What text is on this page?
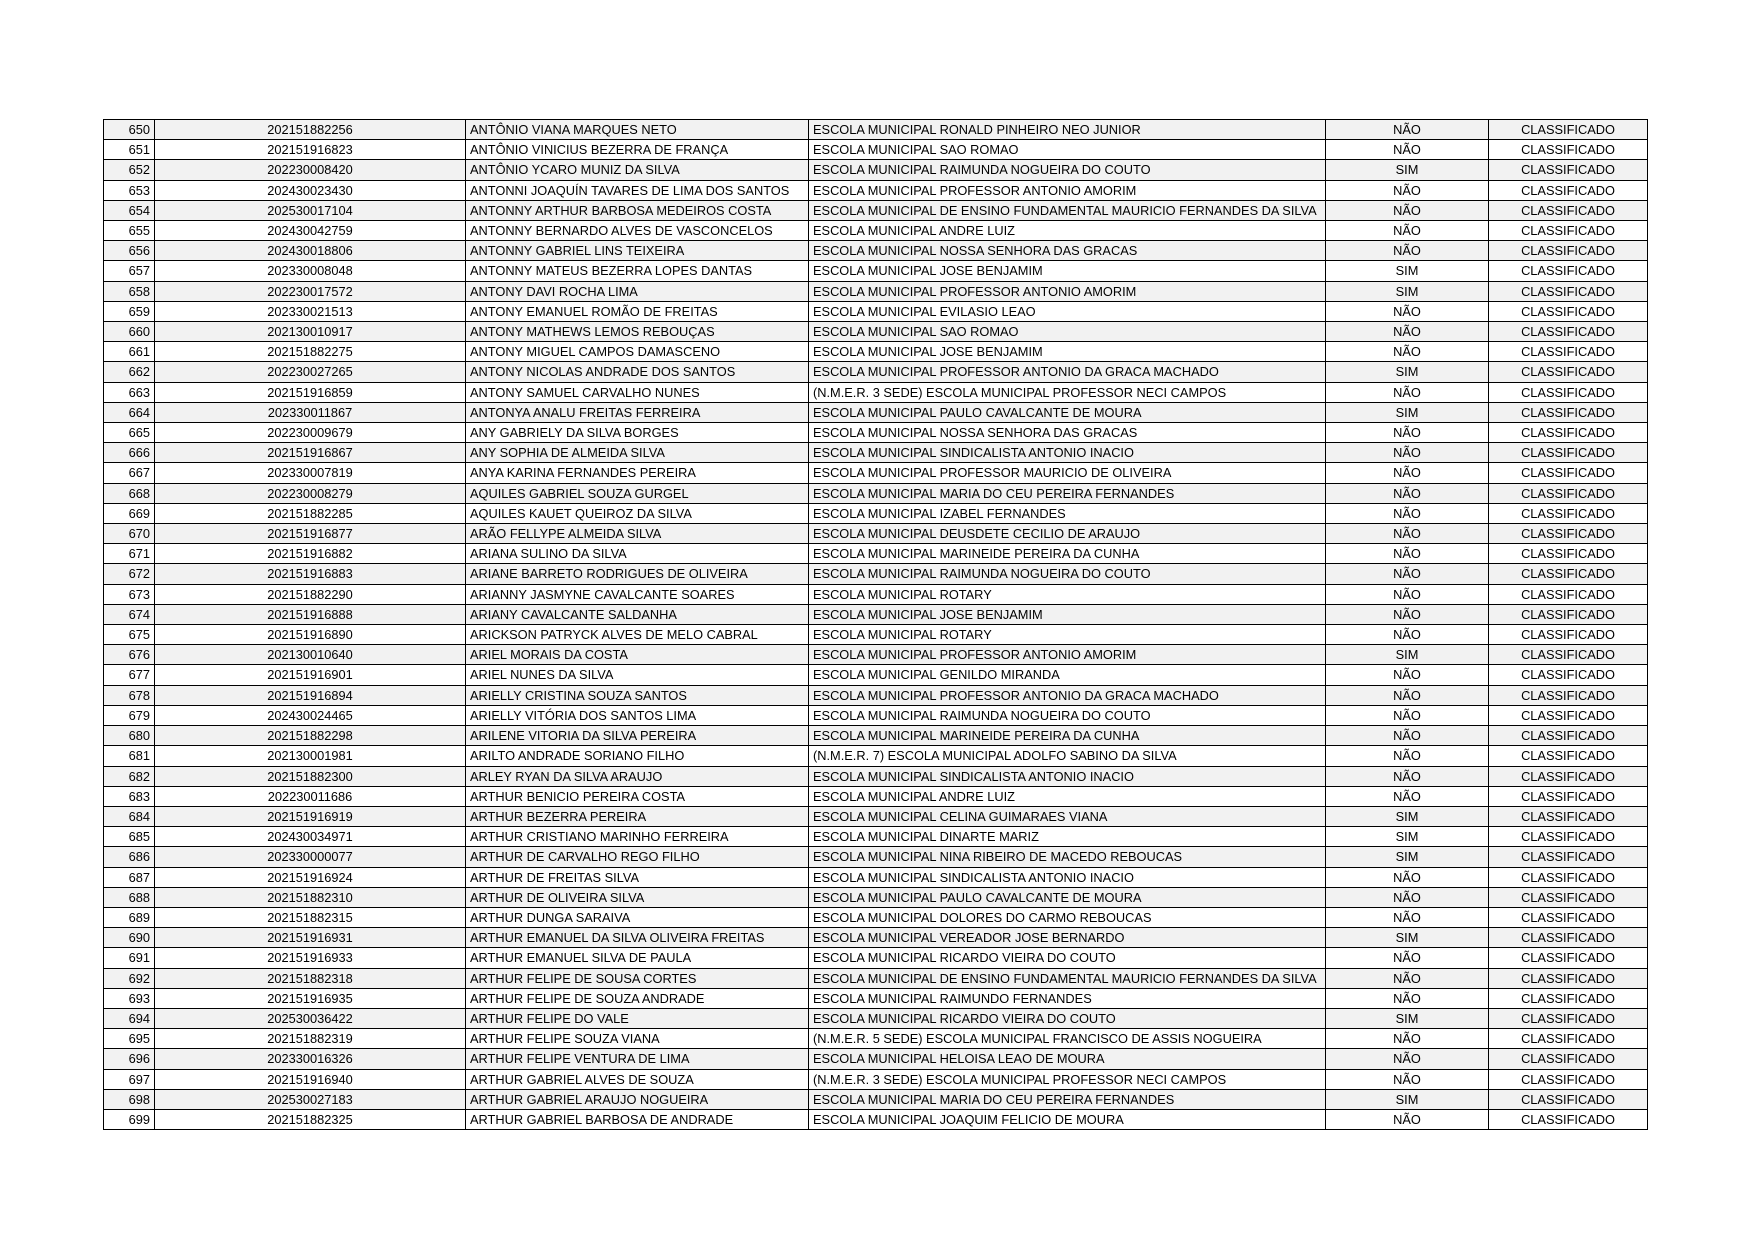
650	202151882256	ANTÔNIO VIANA MARQUES NETO	ESCOLA MUNICIPAL RONALD PINHEIRO NEO JUNIOR	NÃO	CLASSIFICADO
651	202151916823	ANTÔNIO VINICIUS BEZERRA DE FRANÇA	ESCOLA MUNICIPAL SAO ROMAO	NÃO	CLASSIFICADO
652	202230008420	ANTÔNIO YCARO MUNIZ DA SILVA	ESCOLA MUNICIPAL RAIMUNDA NOGUEIRA DO COUTO	SIM	CLASSIFICADO
653	202430023430	ANTONNI JOAQUÍN TAVARES DE LIMA DOS SANTOS	ESCOLA MUNICIPAL PROFESSOR ANTONIO AMORIM	NÃO	CLASSIFICADO
654	202530017104	ANTONNY ARTHUR BARBOSA MEDEIROS COSTA	ESCOLA MUNICIPAL DE ENSINO FUNDAMENTAL MAURICIO FERNANDES DA SILVA	NÃO	CLASSIFICADO
655	202430042759	ANTONNY BERNARDO ALVES DE VASCONCELOS	ESCOLA MUNICIPAL ANDRE LUIZ	NÃO	CLASSIFICADO
656	202430018806	ANTONNY GABRIEL LINS TEIXEIRA	ESCOLA MUNICIPAL NOSSA SENHORA DAS GRACAS	NÃO	CLASSIFICADO
657	202330008048	ANTONNY MATEUS BEZERRA LOPES DANTAS	ESCOLA MUNICIPAL JOSE BENJAMIM	SIM	CLASSIFICADO
658	202230017572	ANTONY DAVI ROCHA LIMA	ESCOLA MUNICIPAL PROFESSOR ANTONIO AMORIM	SIM	CLASSIFICADO
659	202330021513	ANTONY EMANUEL ROMÃO DE FREITAS	ESCOLA MUNICIPAL EVILASIO LEAO	NÃO	CLASSIFICADO
660	202130010917	ANTONY MATHEWS LEMOS REBOUÇAS	ESCOLA MUNICIPAL SAO ROMAO	NÃO	CLASSIFICADO
661	202151882275	ANTONY MIGUEL CAMPOS DAMASCENO	ESCOLA MUNICIPAL JOSE BENJAMIM	NÃO	CLASSIFICADO
662	202230027265	ANTONY NICOLAS ANDRADE DOS SANTOS	ESCOLA MUNICIPAL PROFESSOR ANTONIO DA GRACA MACHADO	SIM	CLASSIFICADO
663	202151916859	ANTONY SAMUEL CARVALHO NUNES	(N.M.E.R. 3 SEDE) ESCOLA MUNICIPAL PROFESSOR NECI CAMPOS	NÃO	CLASSIFICADO
664	202330011867	ANTONYA ANALU FREITAS FERREIRA	ESCOLA MUNICIPAL PAULO CAVALCANTE DE MOURA	SIM	CLASSIFICADO
665	202230009679	ANY GABRIELY DA SILVA BORGES	ESCOLA MUNICIPAL NOSSA SENHORA DAS GRACAS	NÃO	CLASSIFICADO
666	202151916867	ANY SOPHIA DE ALMEIDA SILVA	ESCOLA MUNICIPAL SINDICALISTA ANTONIO INACIO	NÃO	CLASSIFICADO
667	202330007819	ANYA KARINA FERNANDES PEREIRA	ESCOLA MUNICIPAL PROFESSOR MAURICIO DE OLIVEIRA	NÃO	CLASSIFICADO
668	202230008279	AQUILES GABRIEL SOUZA GURGEL	ESCOLA MUNICIPAL MARIA DO CEU PEREIRA FERNANDES	NÃO	CLASSIFICADO
669	202151882285	AQUILES KAUET QUEIROZ DA SILVA	ESCOLA MUNICIPAL IZABEL FERNANDES	NÃO	CLASSIFICADO
670	202151916877	ARÃO FELLYPE ALMEIDA SILVA	ESCOLA MUNICIPAL DEUSDETE CECILIO DE ARAUJO	NÃO	CLASSIFICADO
671	202151916882	ARIANA SULINO DA SILVA	ESCOLA MUNICIPAL MARINEIDE PEREIRA DA CUNHA	NÃO	CLASSIFICADO
672	202151916883	ARIANE BARRETO RODRIGUES DE OLIVEIRA	ESCOLA MUNICIPAL RAIMUNDA NOGUEIRA DO COUTO	NÃO	CLASSIFICADO
673	202151882290	ARIANNY JASMYNE CAVALCANTE SOARES	ESCOLA MUNICIPAL ROTARY	NÃO	CLASSIFICADO
674	202151916888	ARIANY CAVALCANTE SALDANHA	ESCOLA MUNICIPAL JOSE BENJAMIM	NÃO	CLASSIFICADO
675	202151916890	ARICKSON PATRYCK ALVES DE MELO CABRAL	ESCOLA MUNICIPAL ROTARY	NÃO	CLASSIFICADO
676	202130010640	ARIEL MORAIS DA COSTA	ESCOLA MUNICIPAL PROFESSOR ANTONIO AMORIM	SIM	CLASSIFICADO
677	202151916901	ARIEL NUNES DA SILVA	ESCOLA MUNICIPAL GENILDO MIRANDA	NÃO	CLASSIFICADO
678	202151916894	ARIELLY CRISTINA SOUZA SANTOS	ESCOLA MUNICIPAL PROFESSOR ANTONIO DA GRACA MACHADO	NÃO	CLASSIFICADO
679	202430024465	ARIELLY VITÓRIA DOS SANTOS LIMA	ESCOLA MUNICIPAL RAIMUNDA NOGUEIRA DO COUTO	NÃO	CLASSIFICADO
680	202151882298	ARILENE VITORIA DA SILVA PEREIRA	ESCOLA MUNICIPAL MARINEIDE PEREIRA DA CUNHA	NÃO	CLASSIFICADO
681	202130001981	ARILTO ANDRADE SORIANO FILHO	(N.M.E.R. 7) ESCOLA MUNICIPAL ADOLFO SABINO DA SILVA	NÃO	CLASSIFICADO
682	202151882300	ARLEY RYAN DA SILVA ARAUJO	ESCOLA MUNICIPAL SINDICALISTA ANTONIO INACIO	NÃO	CLASSIFICADO
683	202230011686	ARTHUR BENICIO PEREIRA COSTA	ESCOLA MUNICIPAL ANDRE LUIZ	NÃO	CLASSIFICADO
684	202151916919	ARTHUR BEZERRA PEREIRA	ESCOLA MUNICIPAL CELINA GUIMARAES VIANA	SIM	CLASSIFICADO
685	202430034971	ARTHUR CRISTIANO MARINHO FERREIRA	ESCOLA MUNICIPAL DINARTE MARIZ	SIM	CLASSIFICADO
686	202330000077	ARTHUR DE CARVALHO REGO FILHO	ESCOLA MUNICIPAL NINA RIBEIRO DE MACEDO REBOUCAS	SIM	CLASSIFICADO
687	202151916924	ARTHUR DE FREITAS SILVA	ESCOLA MUNICIPAL SINDICALISTA ANTONIO INACIO	NÃO	CLASSIFICADO
688	202151882310	ARTHUR DE OLIVEIRA SILVA	ESCOLA MUNICIPAL PAULO CAVALCANTE DE MOURA	NÃO	CLASSIFICADO
689	202151882315	ARTHUR DUNGA SARAIVA	ESCOLA MUNICIPAL DOLORES DO CARMO REBOUCAS	NÃO	CLASSIFICADO
690	202151916931	ARTHUR EMANUEL DA SILVA OLIVEIRA FREITAS	ESCOLA MUNICIPAL VEREADOR JOSE BERNARDO	SIM	CLASSIFICADO
691	202151916933	ARTHUR EMANUEL SILVA DE PAULA	ESCOLA MUNICIPAL RICARDO VIEIRA DO COUTO	NÃO	CLASSIFICADO
692	202151882318	ARTHUR FELIPE DE SOUSA CORTES	ESCOLA MUNICIPAL DE ENSINO FUNDAMENTAL MAURICIO FERNANDES DA SILVA	NÃO	CLASSIFICADO
693	202151916935	ARTHUR FELIPE DE SOUZA ANDRADE	ESCOLA MUNICIPAL RAIMUNDO FERNANDES	NÃO	CLASSIFICADO
694	202530036422	ARTHUR FELIPE DO VALE	ESCOLA MUNICIPAL RICARDO VIEIRA DO COUTO	SIM	CLASSIFICADO
695	202151882319	ARTHUR FELIPE SOUZA VIANA	(N.M.E.R. 5 SEDE) ESCOLA MUNICIPAL FRANCISCO DE ASSIS NOGUEIRA	NÃO	CLASSIFICADO
696	202330016326	ARTHUR FELIPE VENTURA DE LIMA	ESCOLA MUNICIPAL HELOISA LEAO DE MOURA	NÃO	CLASSIFICADO
697	202151916940	ARTHUR GABRIEL ALVES DE SOUZA	(N.M.E.R. 3 SEDE) ESCOLA MUNICIPAL PROFESSOR NECI CAMPOS	NÃO	CLASSIFICADO
698	202530027183	ARTHUR GABRIEL ARAUJO NOGUEIRA	ESCOLA MUNICIPAL MARIA DO CEU PEREIRA FERNANDES	SIM	CLASSIFICADO
699	202151882325	ARTHUR GABRIEL BARBOSA DE ANDRADE	ESCOLA MUNICIPAL JOAQUIM FELICIO DE MOURA	NÃO	CLASSIFICADO
